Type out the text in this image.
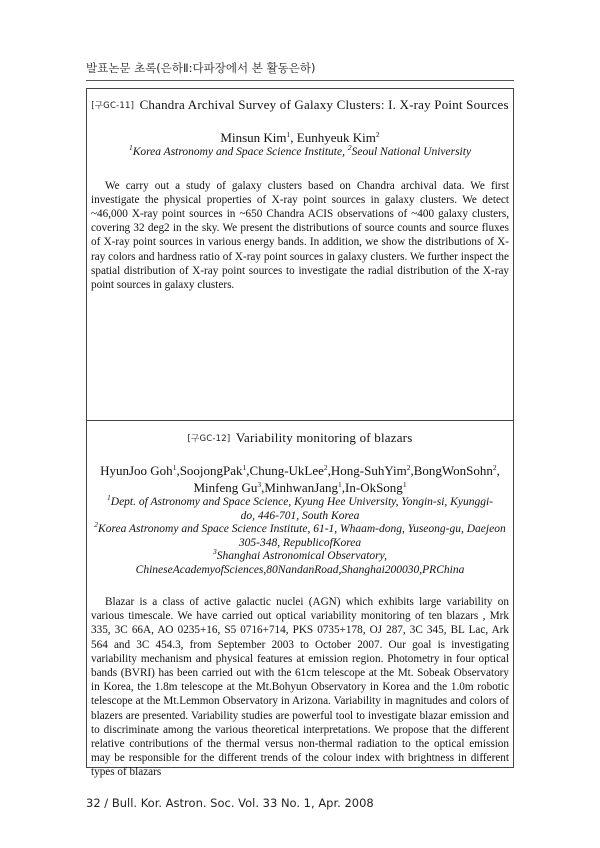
발표논문 초록(은하Ⅱ:다파장에서 본 활동은하)
[구GC-11] Chandra Archival Survey of Galaxy Clusters: I. X-ray Point Sources
Minsun Kim$^1$, Eunhyeuk Kim$^2$
$^1$Korea Astronomy and Space Science Institute, $^2$Seoul National University
We carry out a study of galaxy clusters based on Chandra archival data. We first investigate the physical properties of X-ray point sources in galaxy clusters. We detect ~46,000 X-ray point sources in ~650 Chandra ACIS observations of ~400 galaxy clusters, covering 32 deg2 in the sky. We present the distributions of source counts and source fluxes of X-ray point sources in various energy bands. In addition, we show the distributions of X-ray colors and hardness ratio of X-ray point sources in galaxy clusters. We further inspect the spatial distribution of X-ray point sources to investigate the radial distribution of the X-ray point sources in galaxy clusters.
[구GC-12] Variability monitoring of blazars
HyunJoo Goh$^1$,SoojongPak$^1$,Chung-UkLee$^2$,Hong-SuhYim$^2$,BongWonSohn$^2$, Minfeng Gu$^3$,MinhwanJang$^1$,In-OkSong$^1$
$^1$Dept. of Astronomy and Space Science, Kyung Hee University, Yongin-si, Kyunggi-do, 446-701, South Korea
$^2$Korea Astronomy and Space Science Institute, 61-1, Whaam-dong, Yuseong-gu, Daejeon 305-348, RepublicofKorea
$^3$Shanghai Astronomical Observatory, ChineseAcademyofSciences,80NandanRoad,Shanghai200030,PRChina
Blazar is a class of active galactic nuclei (AGN) which exhibits large variability on various timescale. We have carried out optical variability monitoring of ten blazars , Mrk 335, 3C 66A, AO 0235+16, S5 0716+714, PKS 0735+178, OJ 287, 3C 345, BL Lac, Ark 564 and 3C 454.3, from September 2003 to October 2007. Our goal is investigating variability mechanism and physical features at emission region. Photometry in four optical bands (BVRI) has been carried out with the 61cm telescope at the Mt. Sobeak Observatory in Korea, the 1.8m telescope at the Mt.Bohyun Observatory in Korea and the 1.0m robotic telescope at the Mt.Lemmon Observatory in Arizona. Variability in magnitudes and colors of blazers are presented. Variability studies are powerful tool to investigate blazar emission and to discriminate among the various theoretical interpretations. We propose that the different relative contributions of the thermal versus non-thermal radiation to the optical emission may be responsible for the different trends of the colour index with brightness in different types of blazars
32 / Bull. Kor. Astron. Soc. Vol. 33 No. 1, Apr. 2008
